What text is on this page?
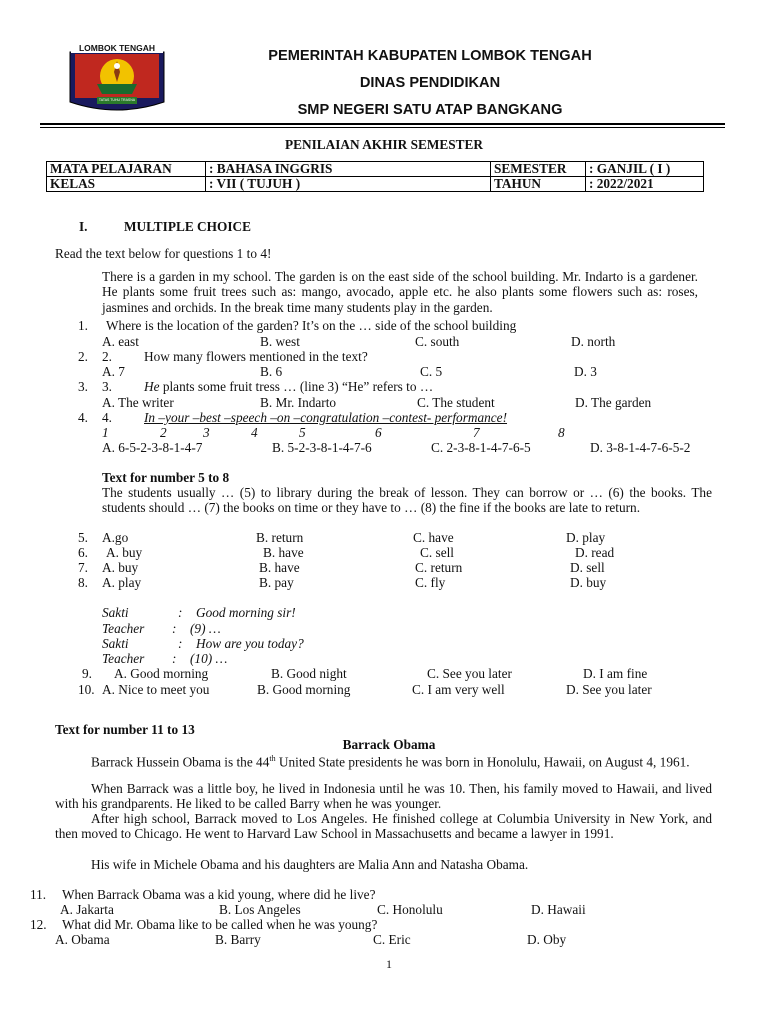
LOMBOK TENGAH
TATAS TUHU TRASNA
PEMERINTAH KABUPATEN LOMBOK TENGAH
DINAS PENDIDIKAN
SMP NEGERI SATU ATAP BANGKANG
PENILAIAN AKHIR SEMESTER
MATA PELAJARAN	: BAHASA INGGRIS	SEMESTER	: GANJIL ( I )
KELAS	: VII ( TUJUH )	TAHUN	: 2022/2021
I.	MULTIPLE CHOICE
Read the text below for questions 1 to 4!
There is a garden in my school. The garden is on the east side of the school building. Mr. Indarto is a gardener. He plants some fruit trees such as: mango, avocado, apple etc. he also plants some flowers such as: roses, jasmines and orchids. In the break time many students play in the garden.
1. Where is the location of the garden? It’s on the … side of the school building
A. east	B. west	C. south	D. north
2. 2. How many flowers mentioned in the text?
A. 7	B. 6	C. 5	D. 3
3. 3. He plants some fruit tress … (line 3) “He” refers to …
A. The writer	B. Mr. Indarto	C. The student	D. The garden
4. 4. In –your –best –speech –on –congratulation –contest- performance!
1	2	3	4	5	6	7	8
A. 6-5-2-3-8-1-4-7	B. 5-2-3-8-1-4-7-6	C. 2-3-8-1-4-7-6-5	D. 3-8-1-4-7-6-5-2
Text for number 5 to 8
The students usually … (5) to library during the break of lesson. They can borrow or … (6) the books. The students should … (7) the books on time or they have to … (8) the fine if the books are late to return.
5. A.go	B. return	C. have	D. play
6. A. buy	B. have	C. sell	D. read
7. A. buy	B. have	C. return	D. sell
8. A. play	B. pay	C. fly	D. buy
Sakti	: Good morning sir!
Teacher : (9) …
Sakti	: How are you today?
Teacher : (10) …
9. A. Good morning	B. Good night	C. See you later	D. I am fine
10. A. Nice to meet you	B. Good morning	C. I am very well	D. See you later
Text for number 11 to 13
Barrack Obama
Barrack Hussein Obama is the 44th United State presidents he was born in Honolulu, Hawaii, on August 4, 1961.
When Barrack was a little boy, he lived in Indonesia until he was 10. Then, his family moved to Hawaii, and lived with his grandparents. He liked to be called Barry when he was younger.
After high school, Barrack moved to Los Angeles. He finished college at Columbia University in New York, and then moved to Chicago. He went to Harvard Law School in Massachusetts and became a lawyer in 1991.
His wife in Michele Obama and his daughters are Malia Ann and Natasha Obama.
11. When Barrack Obama was a kid young, where did he live?
A. Jakarta	B. Los Angeles	C. Honolulu	D. Hawaii
12. What did Mr. Obama like to be called when he was young?
A. Obama	B. Barry	C. Eric	D. Oby
1
